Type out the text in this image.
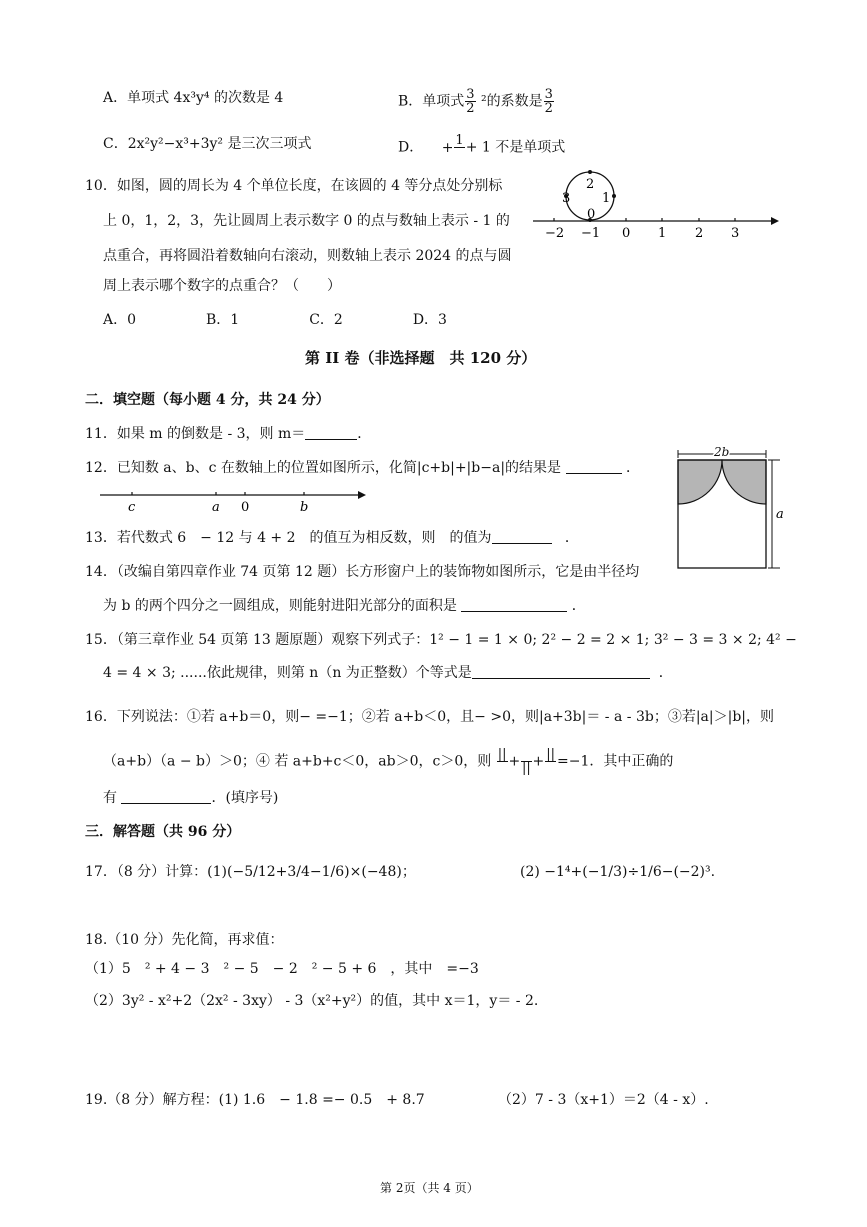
A．单项式 4x³y⁴ 的次数是 4	B．单项式 $\frac{3}{2} ^2$的系数是 $\frac{3}{2}$
C．2x²y²−x³+3y² 是三次三项式	D． + 1
+ 1 不是单项式
10．如图，圆的周长为 4 个单位长度，在该圆的 4 等分点处分别标
上 0，1，2，3，先让圆周上表示数字 0 的点与数轴上表示 - 1 的
点重合，再将圆沿着数轴向右滚动，则数轴上表示 2024 的点与圆
周上表示哪个数字的点重合？（　　）
A．0　　　　　B．1　　　　　C．2　　　　　D．3
0
1
2
3
−2 −1 0 1 2 3
第 II 卷（非选择题　共 120 分）
二．填空题（每小题 4 分，共 24 分）
11．如果 m 的倒数是 - 3，则 m＝	．
12．已知数 a、b、c 在数轴上的位置如图所示，化简|c+b|+|b−a|的结果是	．
c	a 0	b
13．若代数式 6　− 12 与 4 + 2　的值互为相反数，则　的值为	．
14．（改编自第四章作业 74 页第 12 题）长方形窗户上的装饰物如图所示，它是由半径均
为 b 的两个四分之一圆组成，则能射进阳光部分的面积是	．
2b
a
15．（第三章作业 54 页第 13 题原题）观察下列式子：1² − 1 = 1 × 0; 2² − 2 = 2 × 1; 3² − 3 = 3 × 2; 4² −
4 = 4 × 3; ......依此规律，则第 n（n 为正整数）个等式是	．
16．下列说法：①若 a+b＝0，则− =−1；②若 a+b＜0，且− >0，则|a+3b|＝ - a - 3b；③若|a|＞|b|，则
（a+b）（a − b）＞0；④ 若 a+b+c＜0，ab＞0，c＞0，则 ||
+
|| + ||
=−1．其中正确的
有	．(填序号)
三．解答题（共 96 分）
17．（8 分）计算：(1)(−5/12+3/4−1/6)×(−48)；	(2) −1⁴+(−1/3)÷1/6−(−2)³.
18.（10 分）先化简，再求值：
（1）5　² + 4 − 3　² − 5　− 2　² − 5 + 6　，其中　=−3
（2）3y² - x²+2（2x² - 3xy） - 3（x²+y²）的值，其中 x＝1，y＝ - 2.
19.（8 分）解方程：(1) 1.6　− 1.8 =− 0.5　+ 8.7	（2）7 - 3（x+1）＝2（4 - x）.
第 2页（共 4 页）
